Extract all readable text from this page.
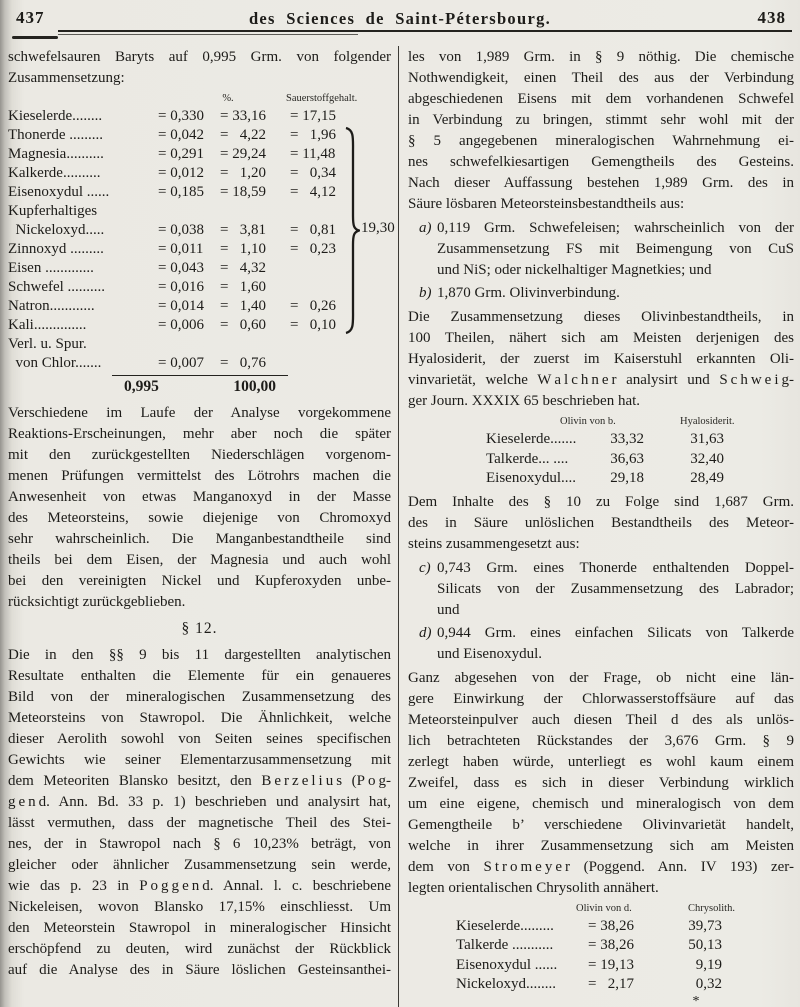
437	des Sciences de Saint-Pétersbourg.	438
schwefelsauren Baryts auf 0,995 Grm. von folgender
Zusammensetzung:
%.	Sauerstoffgehalt.
Kieselerde........	= 0,330	= 33,16	= 17,15
Thonerde .........	= 0,042	=  4,22	=  1,96
Magnesia..........	= 0,291	= 29,24	= 11,48
Kalkerde..........	= 0,012	=  1,20	=  0,34
Eisenoxydul ......	= 0,185	= 18,59	=  4,12
Kupferhaltiges
 Nickeloxyd.....	= 0,038	=  3,81	=  0,81
Zinnoxyd .........	= 0,011	=  1,10	=  0,23
Eisen .............	= 0,043	=  4,32
Schwefel ..........	= 0,016	=  1,60
Natron............	= 0,014	=  1,40	=  0,26
Kali..............	= 0,006	=  0,60	=  0,10
Verl. u. Spur.
 von Chlor.......	= 0,007	=  0,76
19,30
0,995	100,00
Verschiedene im Laufe der Analyse vorgekommene
Reaktions-Erscheinungen, mehr aber noch die später
mit den zurückgestellten Niederschlägen vorgenom-
menen Prüfungen vermittelst des Lötrohrs machen die
Anwesenheit von etwas Manganoxyd in der Masse
des Meteorsteins, sowie diejenige von Chromoxyd
sehr wahrscheinlich. Die Manganbestandtheile sind
theils bei dem Eisen, der Magnesia und auch wohl
bei den vereinigten Nickel und Kupferoxyden unbe-
rücksichtigt zurückgeblieben.
§ 12.
Die in den §§ 9 bis 11 dargestellten analytischen
Resultate enthalten die Elemente für ein genaueres
Bild von der mineralogischen Zusammensetzung des
Meteorsteins von Stawropol. Die Ähnlichkeit, welche
dieser Aerolith sowohl von Seiten seines specifischen
Gewichts wie seiner Elementarzusammensetzung mit
dem Meteoriten Blansko besitzt, den B e r z e l i u s (P o g-
g e n d. Ann. Bd. 33 p. 1) beschrieben und analysirt hat,
lässt vermuthen, dass der magnetische Theil des Stei-
nes, der in Stawropol nach § 6 10,23% beträgt, von
gleicher oder ähnlicher Zusammensetzung sein werde,
wie das p. 23 in P o g g e n d. Annal. l. c. beschriebene
Nickeleisen, wovon Blansko 17,15% einschliesst. Um
den Meteorstein Stawropol in mineralogischer Hinsicht
erschöpfend zu deuten, wird zunächst der Rückblick
auf die Analyse des in Säure löslichen Gesteinsanthei-
les von 1,989 Grm. in § 9 nöthig. Die chemische
Nothwendigkeit, einen Theil des aus der Verbindung
abgeschiedenen Eisens mit dem vorhandenen Schwefel
in Verbindung zu bringen, stimmt sehr wohl mit der
§ 5 angegebenen mineralogischen Wahrnehmung ei-
nes schwefelkiesartigen Gemengtheils des Gesteins.
Nach dieser Auffassung bestehen 1,989 Grm. des in
Säure lösbaren Meteorsteinsbestandtheils aus:
a) 0,119 Grm. Schwefeleisen; wahrscheinlich von der
Zusammensetzung FS mit Beimengung von CuS
und NiS; oder nickelhaltiger Magnetkies; und
b) 1,870 Grm. Olivinverbindung.
Die Zusammensetzung dieses Olivinbestandtheils, in
100 Theilen, nähert sich am Meisten derjenigen des
Hyalosiderit, der zuerst im Kaiserstuhl erkannten Oli-
vinvarietät, welche W a l c h n e r analysirt und S c h w e i g-
ger Journ. XXXIX 65 beschrieben hat.
Olivin von b.	Hyalosiderit.
Kieselerde.......	33,32	31,63
Talkerde... ....	36,63	32,40
Eisenoxydul....	29,18	28,49
Dem Inhalte des § 10 zu Folge sind 1,687 Grm.
des in Säure unlöslichen Bestandtheils des Meteor-
steins zusammengesetzt aus:
c) 0,743 Grm. eines Thonerde enthaltenden Doppel-
Silicats von der Zusammensetzung des Labrador;
und
d) 0,944 Grm. eines einfachen Silicats von Talkerde
und Eisenoxydul.
Ganz abgesehen von der Frage, ob nicht eine län-
gere Einwirkung der Chlorwasserstoffsäure auf das
Meteorsteinpulver auch diesen Theil d des als unlös-
lich betrachteten Rückstandes der 3,676 Grm. § 9
zerlegt haben würde, unterliegt es wohl kaum einem
Zweifel, dass es sich in dieser Verbindung wirklich
um eine eigene, chemisch und mineralogisch von dem
Gemengtheile b’ verschiedene Olivinvarietät handelt,
welche in ihrer Zusammensetzung sich am Meisten
dem von S t r o m e y e r (Poggend. Ann. IV 193) zer-
legten orientalischen Chrysolith annähert.
Olivin von d.	Chrysolith.
Kieselerde.........	= 38,26	39,73
Talkerde ...........	= 38,26	50,13
Eisenoxydul ......	= 19,13	9,19
Nickeloxyd........	=  2,17	0,32
*
